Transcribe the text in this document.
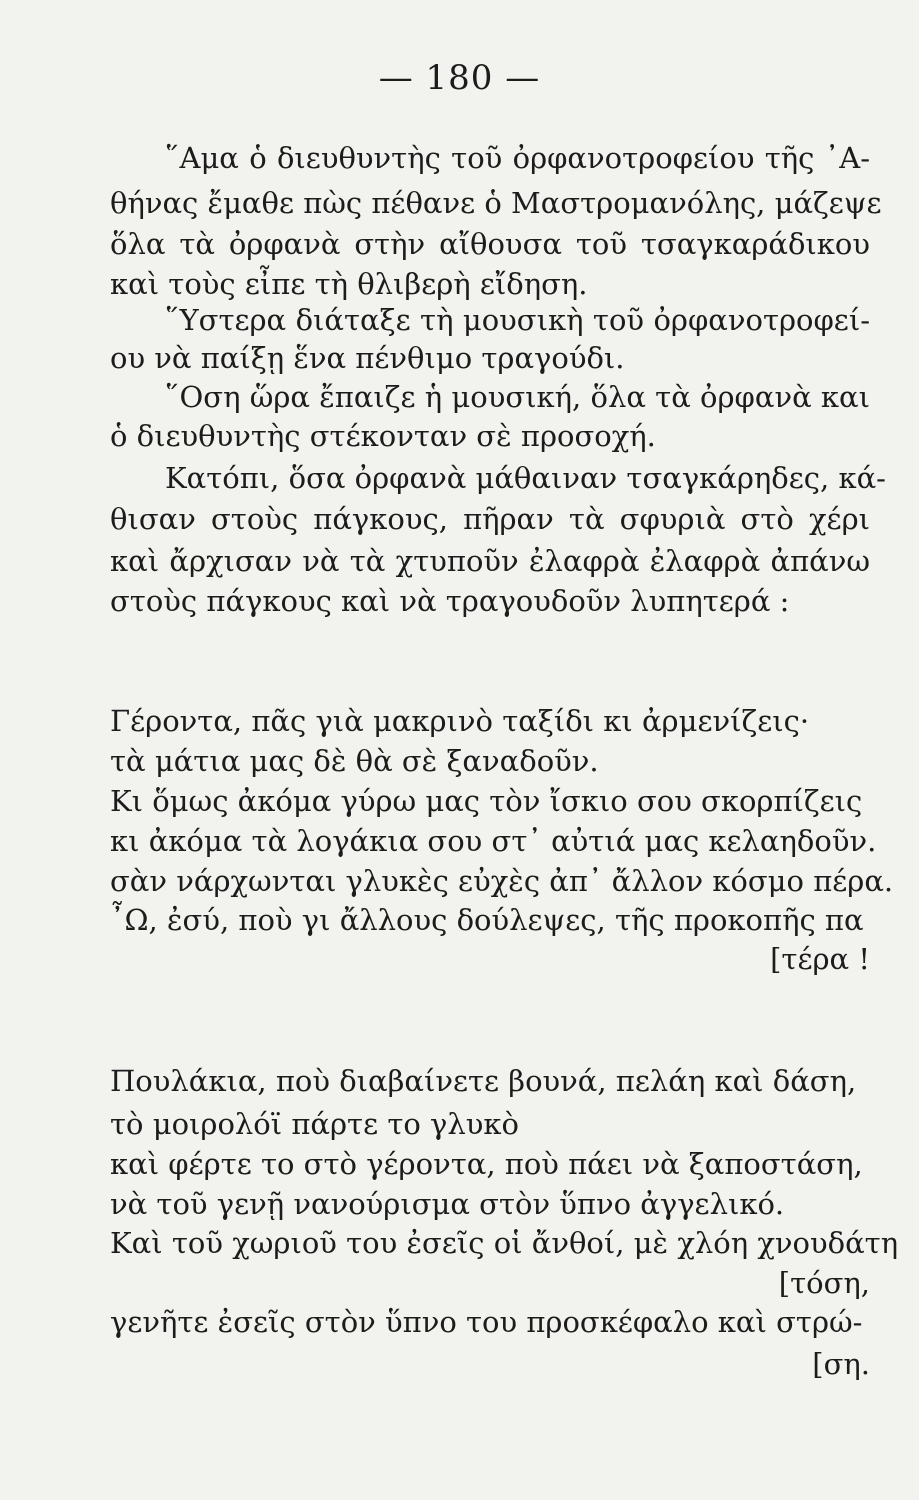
— 180 —
῞Αμα ὁ διευθυντὴς τοῦ ὀρφανοτροφείου τῆς ᾿Α-
θήνας ἔμαθε πὼς πέθανε ὁ Μαστρομανόλης, μάζεψε
ὅλα τὰ ὀρφανὰ στὴν αἴθουσα τοῦ τσαγκαράδικου
καὶ τοὺς εἶπε τὴ θλιβερὴ εἴδηση.
῞Υστερα διάταξε τὴ μουσικὴ τοῦ ὀρφανοτροφεί-
ου νὰ παίξῃ ἕνα πένθιμο τραγούδι.
῞Οση ὥρα ἔπαιζε ἡ μουσική, ὅλα τὰ ὀρφανὰ και
ὁ διευθυντὴς στέκονταν σὲ προσοχή.
Κατόπι, ὅσα ὀρφανὰ μάθαιναν τσαγκάρηδες, κά-
θισαν στοὺς πάγκους, πῆραν τὰ σφυριὰ στὸ χέρι
καὶ ἄρχισαν νὰ τὰ χτυποῦν ἐλαφρὰ ἐλαφρὰ ἀπάνω
στοὺς πάγκους καὶ νὰ τραγουδοῦν λυπητερά :
Γέροντα, πᾶς γιὰ μακρινὸ ταξίδι κι ἀρμενίζεις·
τὰ μάτια μας δὲ θὰ σὲ ξαναδοῦν.
Κι ὅμως ἀκόμα γύρω μας τὸν ἴσκιο σου σκορπίζεις
κι ἀκόμα τὰ λογάκια σου στ᾿ αὐτιά μας κελαηδοῦν.
σὰν νάρχωνται γλυκὲς εὐχὲς ἀπ᾿ ἄλλον κόσμο πέρα.
῏Ω, ἐσύ, ποὺ γι ἄλλους δούλεψες, τῆς προκοπῆς πα
[τέρα !
Πουλάκια, ποὺ διαβαίνετε βουνά, πελάη καὶ δάση,
τὸ μοιρολόϊ πάρτε το γλυκὸ
καὶ φέρτε το στὸ γέροντα, ποὺ πάει νὰ ξαποστάση,
νὰ τοῦ γενῇ νανούρισμα στὸν ὕπνο ἀγγελικό.
Καὶ τοῦ χωριοῦ του ἐσεῖς οἱ ἄνθοί, μὲ χλόη χνουδάτη
[τόση,
γενῆτε ἐσεῖς στὸν ὕπνο του προσκέφαλο καὶ στρώ-
[ση.
